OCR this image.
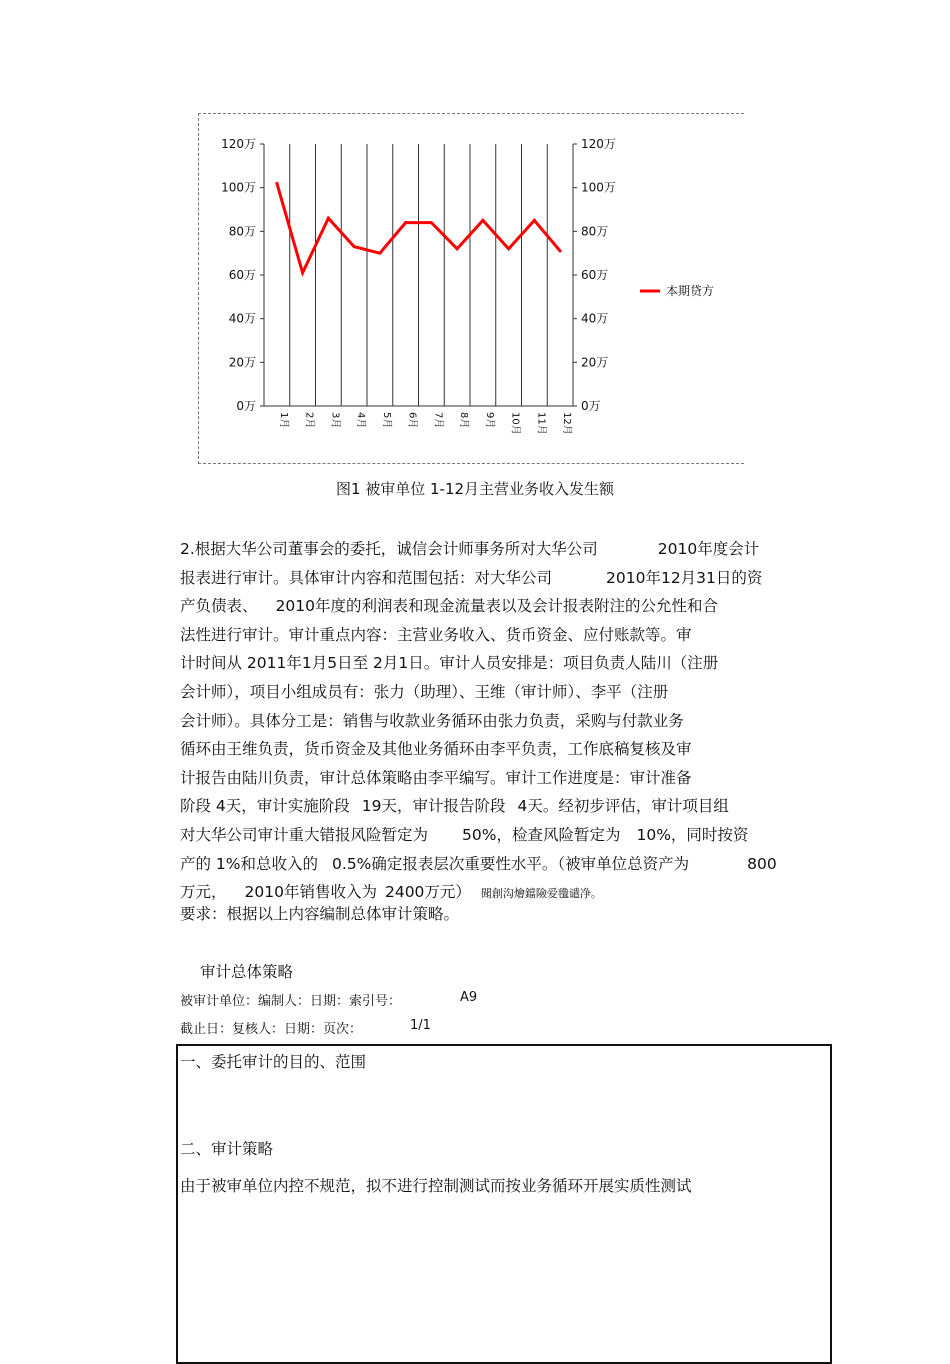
0万	0万
20万	20万
40万	40万
60万	60万
80万	80万
100万	100万
120万	120万
1月 2月 3月 4月 5月 6月 7月 8月 9月 10月 11月 12月
本期贷方
图1 被审单位 1-12月主营业务收入发生额
2.根据大华公司董事会的委托，诚信会计师事务所对大华公司	2010年度会计
报表进行审计。具体审计内容和范围包括：对大华公司	2010年12月31日的资
产负债表、 2010年度的利润表和现金流量表以及会计报表附注的公允性和合
法性进行审计。审计重点内容：主营业务收入、货币资金、应付账款等。审
计时间从 2011年1月5日至 2月1日。审计人员安排是：项目负责人陆川（注册
会计师），项目小组成员有：张力（助理）、王维（审计师）、李平（注册
会计师）。具体分工是：销售与收款业务循环由张力负责，采购与付款业务
循环由王维负责，货币资金及其他业务循环由李平负责，工作底稿复核及审
计报告由陆川负责，审计总体策略由李平编写。审计工作进度是：审计准备
阶段 4天，审计实施阶段 19天，审计报告阶段 4天。经初步评估，审计项目组
对大华公司审计重大错报风险暂定为 50%，检查风险暂定为 10%，同时按资
产的 1%和总收入的 0.5%确定报表层次重要性水平。（被审单位总资产为	800
万元， 2010年销售收入为 2400万元） 聞創沟燴鐺險爱氇谴净。
要求：根据以上内容编制总体审计策略。
审计总体策略
被审计单位：编制人：日期：索引号：	A9
截止日：复核人：日期：页次：	1/1
一、委托审计的目的、范围
二、审计策略
由于被审单位内控不规范，拟不进行控制测试而按业务循环开展实质性测试
